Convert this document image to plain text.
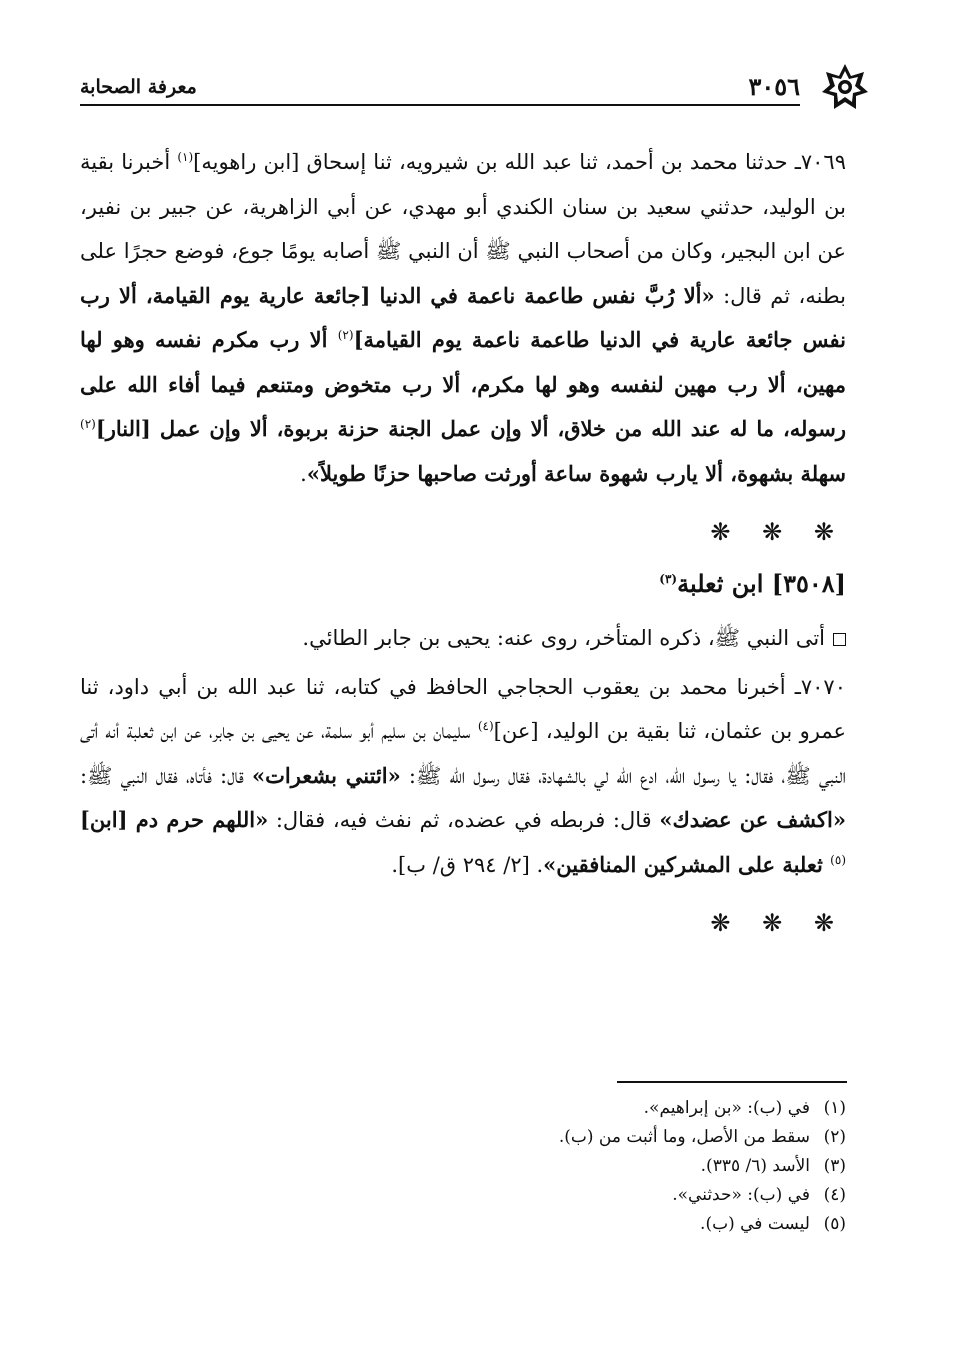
٣٠٥٦
معرفة الصحابة

٧٠٦٩ـ حدثنا محمد بن أحمد، ثنا عبد الله بن شيرويه، ثنا إسحاق [ابن راهويه]$^{(١)}$ أخبرنا بقية بن الوليد، حدثني سعيد بن سنان الكندي أبو مهدي، عن أبي الزاهرية، عن جبير بن نفير، عن ابن البجير، وكان من أصحاب النبي ﷺ أن النبي ﷺ أصابه يومًا جوع، فوضع حجرًا على بطنه، ثم قال: «ألا رُبَّ نفس طاعمة ناعمة في الدنيا [جائعة عارية يوم القيامة، ألا رب نفس جائعة عارية في الدنيا طاعمة ناعمة يوم القيامة]$^{(٢)}$ ألا رب مكرم نفسه وهو لها مهين، ألا رب مهين لنفسه وهو لها مكرم، ألا رب متخوض ومتنعم فيما أفاء الله على رسوله، ما له عند الله من خلاق، ألا وإن عمل الجنة حزنة بربوة، ألا وإن عمل [النار]$^{(٢)}$ سهلة بشهوة، ألا يارب شهوة ساعة أورثت صاحبها حزنًا طويلاً».

❋ ❋ ❋
[٣٥٠٨] ابن ثعلبة$^{(٣)}$

أتى النبي ﷺ، ذكره المتأخر، روى عنه: يحيى بن جابر الطائي.

٧٠٧٠ـ أخبرنا محمد بن يعقوب الحجاجي الحافظ في كتابه، ثنا عبد الله بن أبي داود، ثنا عمرو بن عثمان، ثنا بقية بن الوليد، [عن]$^{(٤)}$ سليمان بن سليم أبو سلمة، عن يحيى بن جابر، عن ابن ثعلبة أنه أتى النبي ﷺ، فقال: يا رسول الله، ادع الله لي بالشهادة، فقال رسول الله ﷺ: «ائتني بشعرات» قال: فأتاه، فقال النبي ﷺ: «اكشف عن عضدك» قال: فربطه في عضده، ثم نفث فيه، فقال: «اللهم حرم دم [ابن]$^{(٥)}$ ثعلبة على المشركين المنافقين». [٢/ ٢٩٤ ق/ ب].

❋ ❋ ❋

(١)في (ب): «بن إبراهيم».

(٢)سقط من الأصل، وما أثبت من (ب).

(٣)الأسد (٦/ ٣٣٥).

(٤)في (ب): «حدثني».

(٥)ليست في (ب).
